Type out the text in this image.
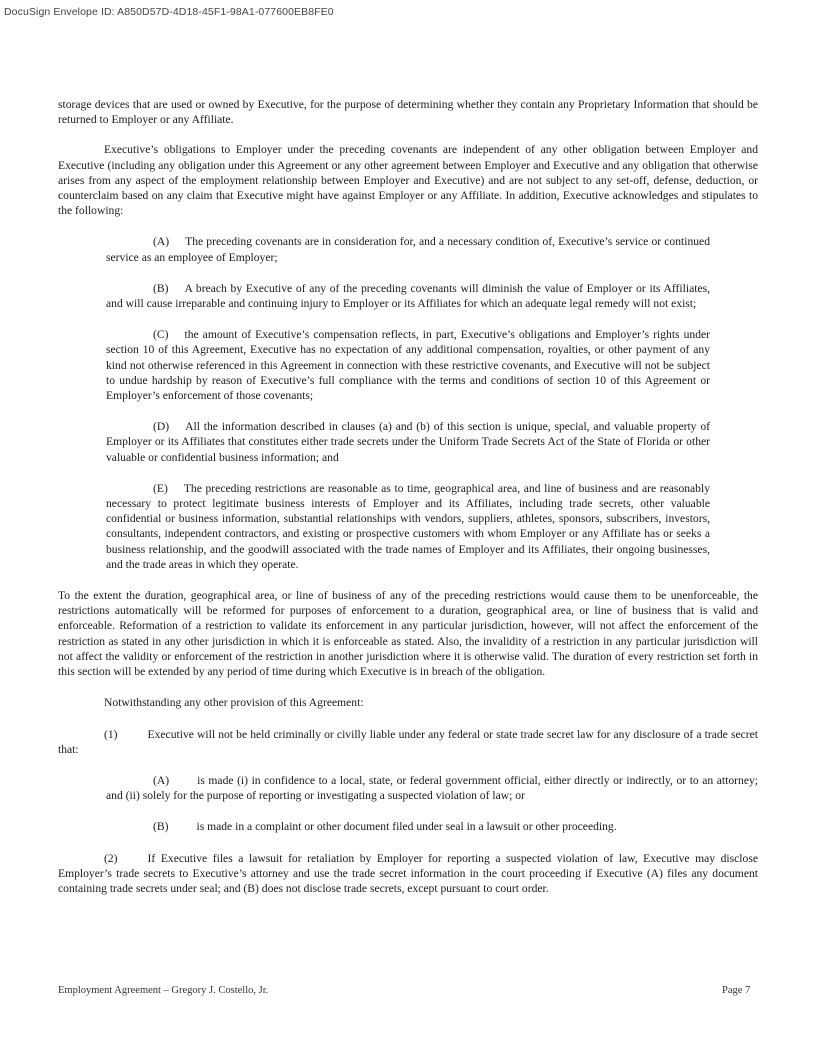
DocuSign Envelope ID: A850D57D-4D18-45F1-98A1-077600EB8FE0

storage devices that are used or owned by Executive, for the purpose of determining whether they contain any Proprietary Information that should be returned to Employer or any Affiliate.

Executive’s obligations to Employer under the preceding covenants are independent of any other obligation between Employer and Executive (including any obligation under this Agreement or any other agreement between Employer and Executive and any obligation that otherwise arises from any aspect of the employment relationship between Employer and Executive) and are not subject to any set-off, defense, deduction, or counterclaim based on any claim that Executive might have against Employer or any Affiliate. In addition, Executive acknowledges and stipulates to the following:

(A) The preceding covenants are in consideration for, and a necessary condition of, Executive’s service or continued service as an employee of Employer;

(B) A breach by Executive of any of the preceding covenants will diminish the value of Employer or its Affiliates, and will cause irreparable and continuing injury to Employer or its Affiliates for which an adequate legal remedy will not exist;

(C) the amount of Executive’s compensation reflects, in part, Executive’s obligations and Employer’s rights under section 10 of this Agreement, Executive has no expectation of any additional compensation, royalties, or other payment of any kind not otherwise referenced in this Agreement in connection with these restrictive covenants, and Executive will not be subject to undue hardship by reason of Executive’s full compliance with the terms and conditions of section 10 of this Agreement or Employer’s enforcement of those covenants;

(D) All the information described in clauses (a) and (b) of this section is unique, special, and valuable property of Employer or its Affiliates that constitutes either trade secrets under the Uniform Trade Secrets Act of the State of Florida or other valuable or confidential business information; and

(E) The preceding restrictions are reasonable as to time, geographical area, and line of business and are reasonably necessary to protect legitimate business interests of Employer and its Affiliates, including trade secrets, other valuable confidential or business information, substantial relationships with vendors, suppliers, athletes, sponsors, subscribers, investors, consultants, independent contractors, and existing or prospective customers with whom Employer or any Affiliate has or seeks a business relationship, and the goodwill associated with the trade names of Employer and its Affiliates, their ongoing businesses, and the trade areas in which they operate.

To the extent the duration, geographical area, or line of business of any of the preceding restrictions would cause them to be unenforceable, the restrictions automatically will be reformed for purposes of enforcement to a duration, geographical area, or line of business that is valid and enforceable. Reformation of a restriction to validate its enforcement in any particular jurisdiction, however, will not affect the enforcement of the restriction as stated in any other jurisdiction in which it is enforceable as stated. Also, the invalidity of a restriction in any particular jurisdiction will not affect the validity or enforcement of the restriction in another jurisdiction where it is otherwise valid. The duration of every restriction set forth in this section will be extended by any period of time during which Executive is in breach of the obligation.

Notwithstanding any other provision of this Agreement:

(1)	Executive will not be held criminally or civilly liable under any federal or state trade secret law for any disclosure of a trade secret that:

(A) is made (i) in confidence to a local, state, or federal government official, either directly or indirectly, or to an attorney; and (ii) solely for the purpose of reporting or investigating a suspected violation of law; or

(B) is made in a complaint or other document filed under seal in a lawsuit or other proceeding.

(2)	If Executive files a lawsuit for retaliation by Employer for reporting a suspected violation of law, Executive may disclose Employer’s trade secrets to Executive’s attorney and use the trade secret information in the court proceeding if Executive (A) files any document containing trade secrets under seal; and (B) does not disclose trade secrets, except pursuant to court order.

Employment Agreement – Gregory J. Costello, Jr.	Page 7
